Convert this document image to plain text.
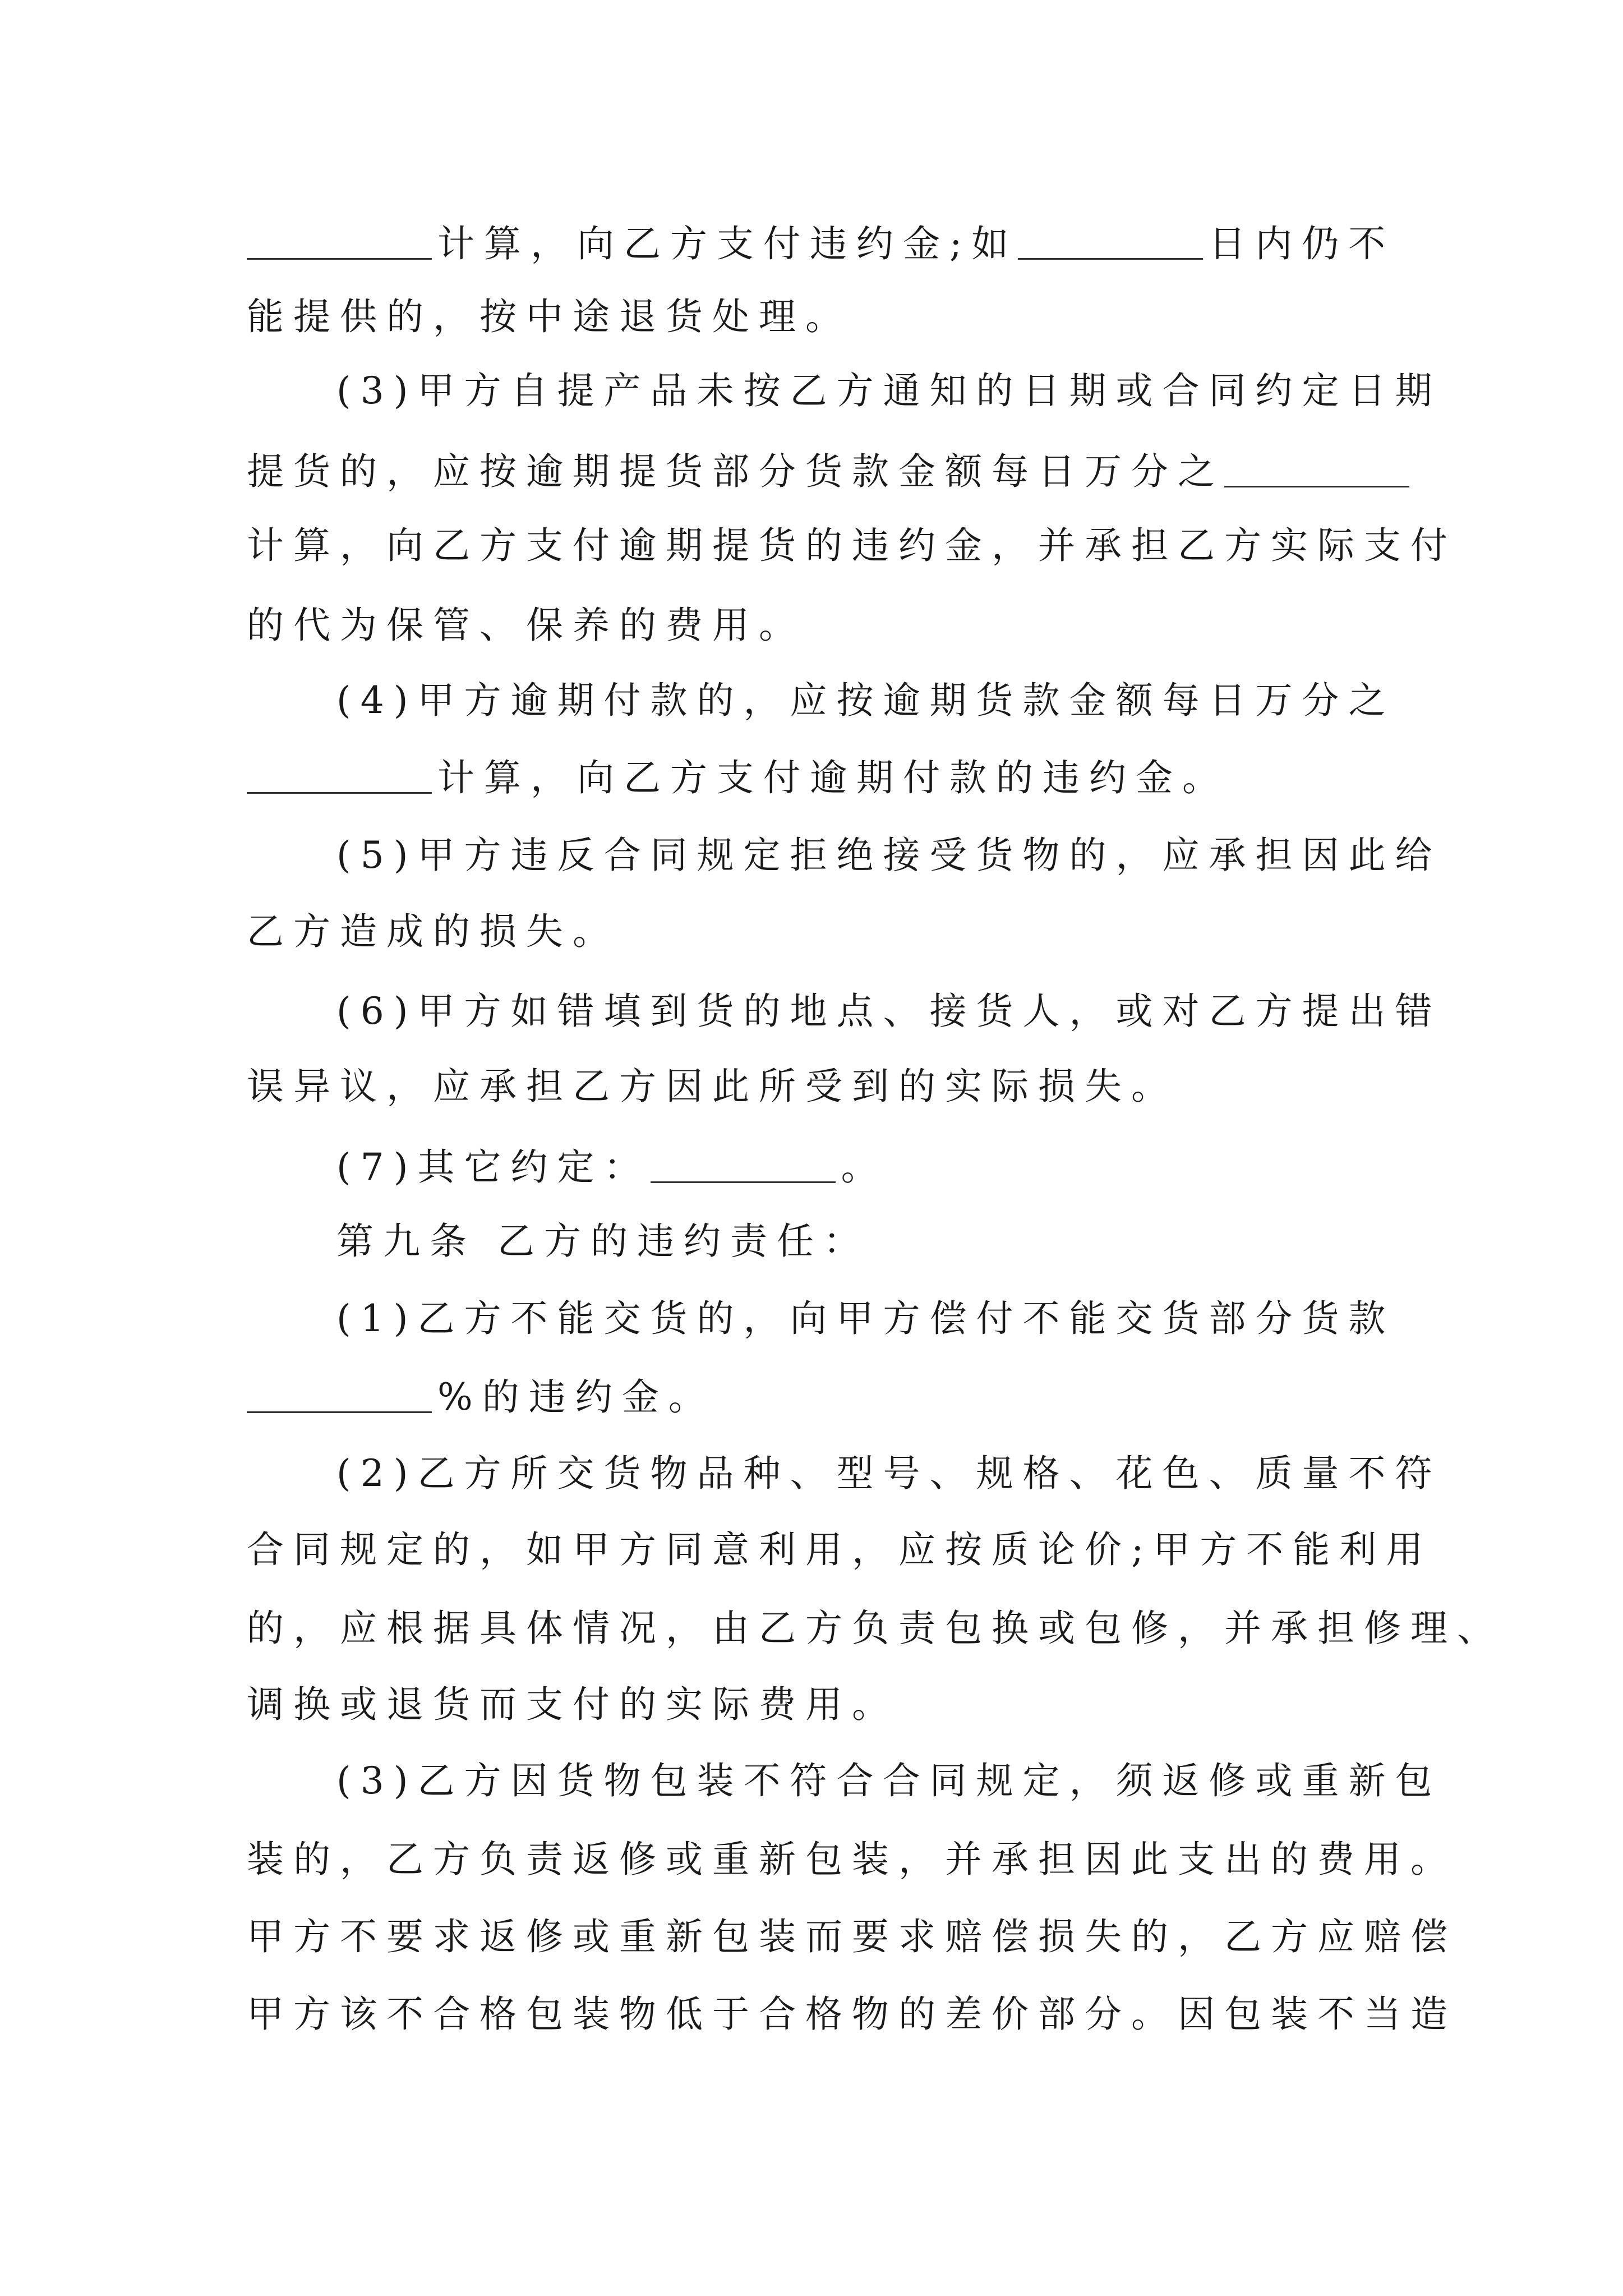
计算，向乙方支付违约金;如	日内仍不
能提供的，按中途退货处理。
(3)甲方自提产品未按乙方通知的日期或合同约定日期
提货的，应按逾期提货部分货款金额每日万分之
计算，向乙方支付逾期提货的违约金，并承担乙方实际支付
的代为保管、保养的费用。
(4)甲方逾期付款的，应按逾期货款金额每日万分之
计算，向乙方支付逾期付款的违约金。
(5)甲方违反合同规定拒绝接受货物的，应承担因此给
乙方造成的损失。
(6)甲方如错填到货的地点、接货人，或对乙方提出错
误异议，应承担乙方因此所受到的实际损失。
(7)其它约定：	。
第九条 乙方的违约责任：
(1)乙方不能交货的，向甲方偿付不能交货部分货款
%的违约金。
(2)乙方所交货物品种、型号、规格、花色、质量不符
合同规定的，如甲方同意利用，应按质论价;甲方不能利用
的，应根据具体情况，由乙方负责包换或包修，并承担修理、
调换或退货而支付的实际费用。
(3)乙方因货物包装不符合合同规定，须返修或重新包
装的，乙方负责返修或重新包装，并承担因此支出的费用。
甲方不要求返修或重新包装而要求赔偿损失的，乙方应赔偿
甲方该不合格包装物低于合格物的差价部分。因包装不当造
